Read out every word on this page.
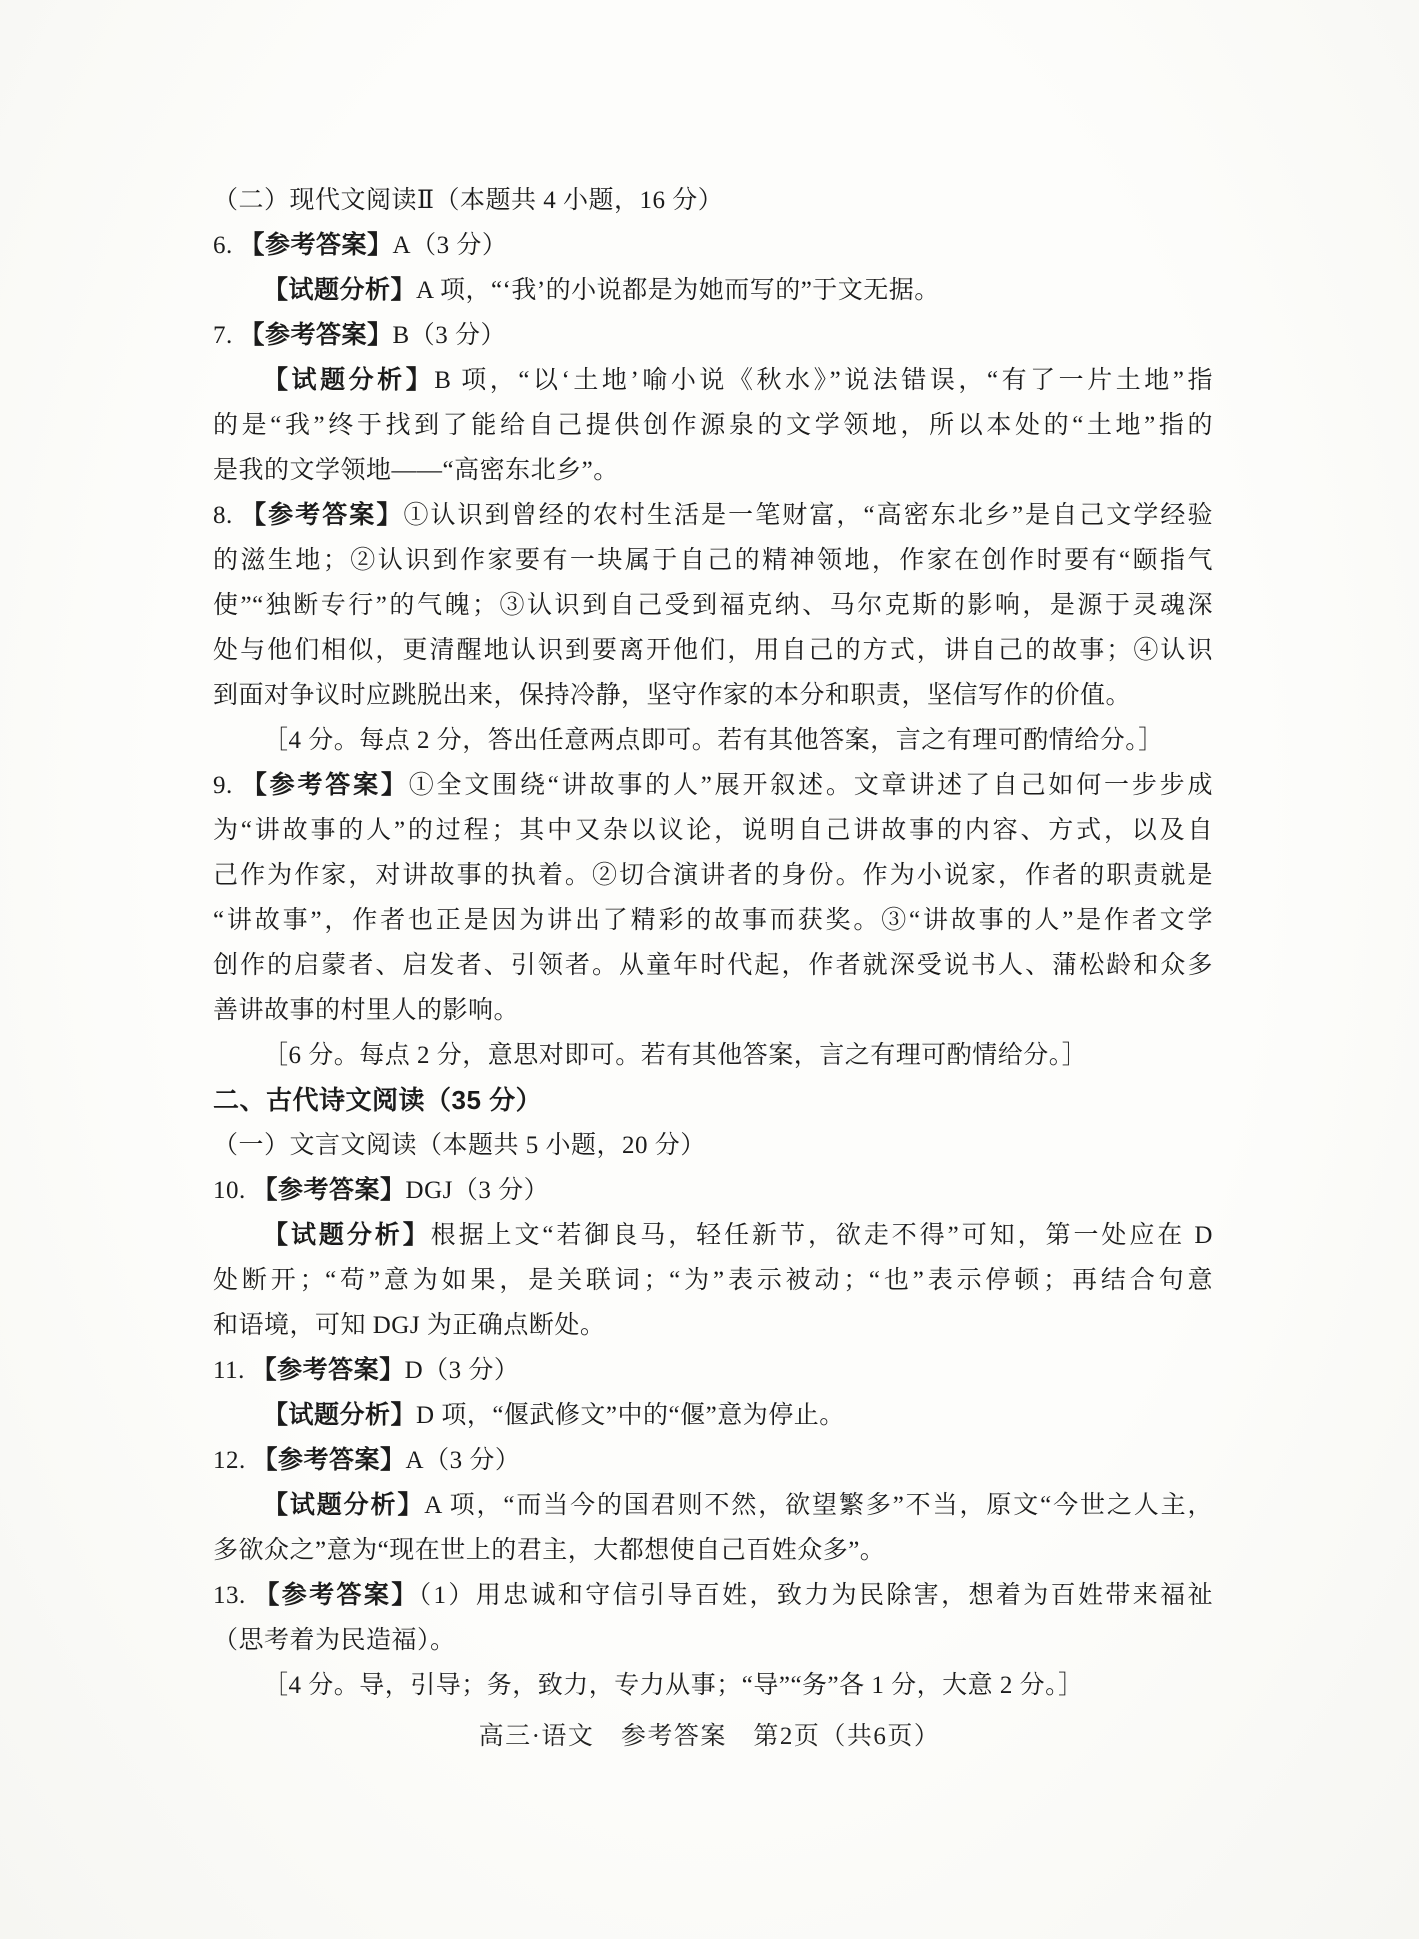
（二）现代文阅读Ⅱ（本题共 4 小题，16 分）
6. 【参考答案】A（3 分）
【试题分析】A 项，“‘我’的小说都是为她而写的”于文无据。
7. 【参考答案】B（3 分）
【试题分析】B 项，“以‘土地’喻小说《秋水》”说法错误，“有了一片土地”指
的是“我”终于找到了能给自己提供创作源泉的文学领地，所以本处的“土地”指的
是我的文学领地——“高密东北乡”。
8. 【参考答案】①认识到曾经的农村生活是一笔财富，“高密东北乡”是自己文学经验
的滋生地；②认识到作家要有一块属于自己的精神领地，作家在创作时要有“颐指气
使”“独断专行”的气魄；③认识到自己受到福克纳、马尔克斯的影响，是源于灵魂深
处与他们相似，更清醒地认识到要离开他们，用自己的方式，讲自己的故事；④认识
到面对争议时应跳脱出来，保持冷静，坚守作家的本分和职责，坚信写作的价值。
［4 分。每点 2 分，答出任意两点即可。若有其他答案，言之有理可酌情给分。］
9. 【参考答案】①全文围绕“讲故事的人”展开叙述。文章讲述了自己如何一步步成
为“讲故事的人”的过程；其中又杂以议论，说明自己讲故事的内容、方式，以及自
己作为作家，对讲故事的执着。②切合演讲者的身份。作为小说家，作者的职责就是
“讲故事”，作者也正是因为讲出了精彩的故事而获奖。③“讲故事的人”是作者文学
创作的启蒙者、启发者、引领者。从童年时代起，作者就深受说书人、蒲松龄和众多
善讲故事的村里人的影响。
［6 分。每点 2 分，意思对即可。若有其他答案，言之有理可酌情给分。］
二、古代诗文阅读（35 分）
（一）文言文阅读（本题共 5 小题，20 分）
10. 【参考答案】DGJ（3 分）
【试题分析】根据上文“若御良马，轻任新节，欲走不得”可知，第一处应在 D
处断开；“苟”意为如果，是关联词；“为”表示被动；“也”表示停顿；再结合句意
和语境，可知 DGJ 为正确点断处。
11. 【参考答案】D（3 分）
【试题分析】D 项，“偃武修文”中的“偃”意为停止。
12. 【参考答案】A（3 分）
【试题分析】A 项，“而当今的国君则不然，欲望繁多”不当，原文“今世之人主，
多欲众之”意为“现在世上的君主，大都想使自己百姓众多”。
13. 【参考答案】（1）用忠诚和守信引导百姓，致力为民除害，想着为百姓带来福祉
（思考着为民造福）。
［4 分。导，引导；务，致力，专力从事；“导”“务”各 1 分，大意 2 分。］
高三·语文　参考答案　第2页（共6页）
